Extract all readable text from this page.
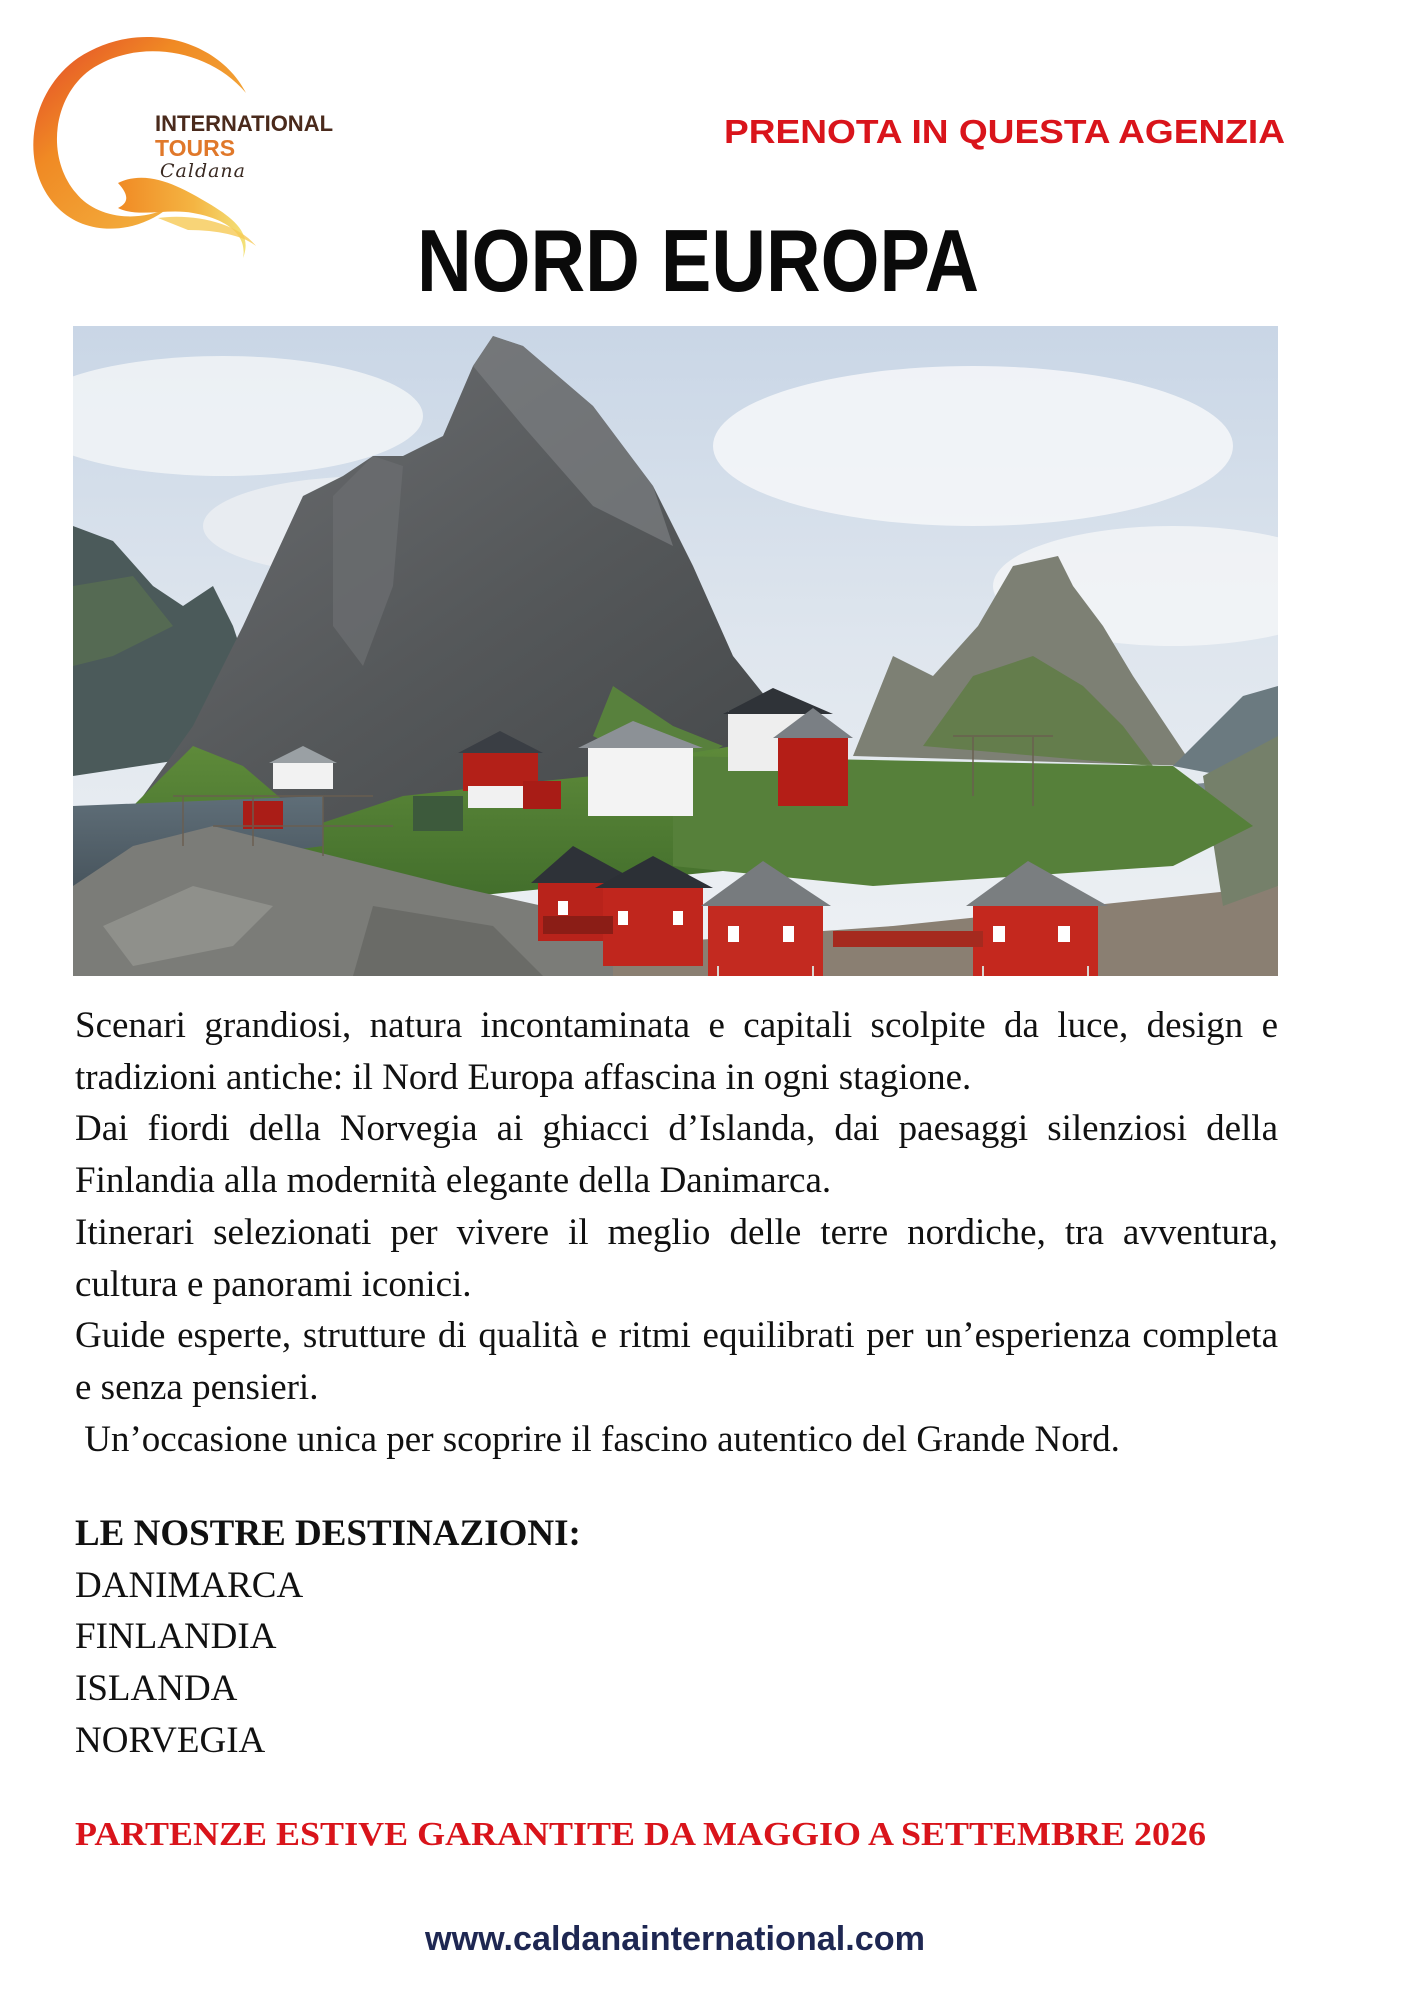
INTERNATIONAL
TOURS
Caldana
PRENOTA IN QUESTA AGENZIA
NORD EUROPA

Scenari grandiosi, natura incontaminata e capitali scolpite da luce, design e tradizioni antiche: il Nord Europa affascina in ogni stagione.

Dai fiordi della Norvegia ai ghiacci d’Islanda, dai paesaggi silenziosi della Finlandia alla modernità elegante della Danimarca.

Itinerari selezionati per vivere il meglio delle terre nordiche, tra avventura, cultura e panorami iconici.

Guide esperte, strutture di qualità e ritmi equilibrati per un’esperienza completa e senza pensieri.

Un’occasione unica per scoprire il fascino autentico del Grande Nord.

LE NOSTRE DESTINAZIONI:
DANIMARCA
FINLANDIA
ISLANDA
NORVEGIA
PARTENZE ESTIVE GARANTITE DA MAGGIO A SETTEMBRE 2026
www.caldanainternational.com
